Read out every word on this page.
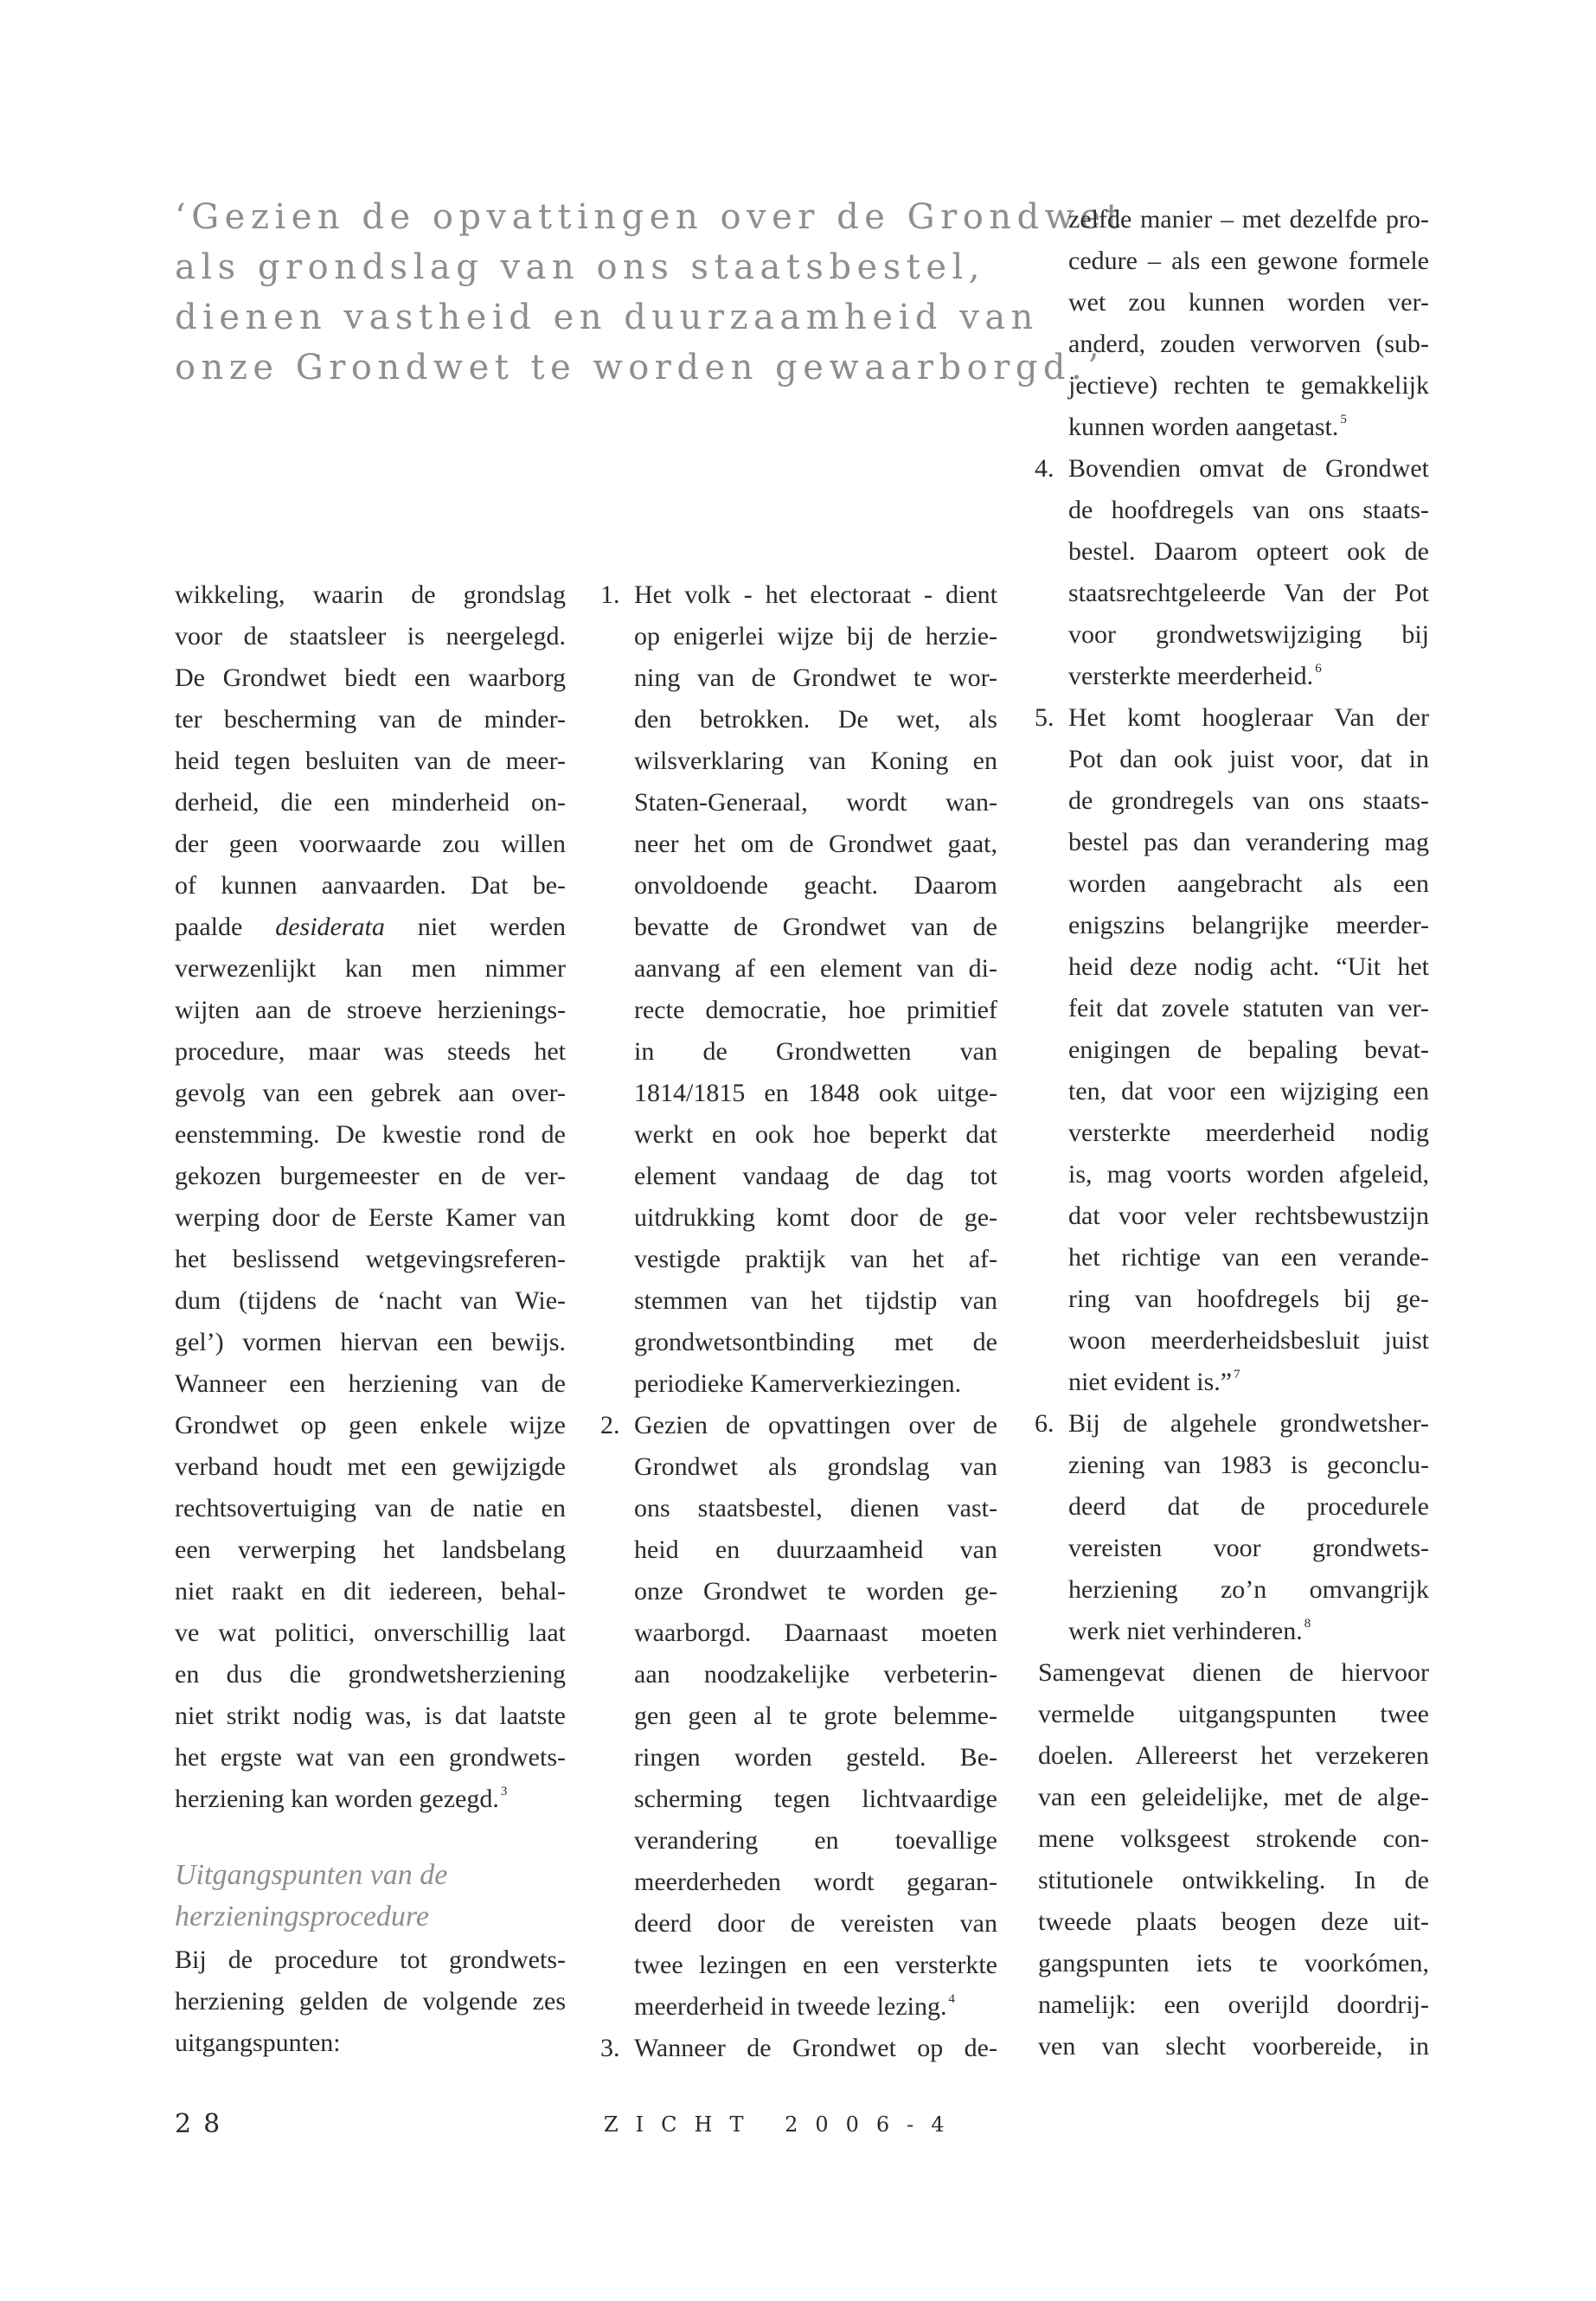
‘Gezien de opvattingen over de Grondwet
als grondslag van ons staatsbestel,
dienen vastheid en duurzaamheid van
onze Grondwet te worden gewaarborgd.’
wikkeling, waarin de grondslag
voor de staatsleer is neergelegd.
De Grondwet biedt een waarborg
ter bescherming van de minder-
heid tegen besluiten van de meer-
derheid, die een minderheid on-
der geen voorwaarde zou willen
of kunnen aanvaarden. Dat be-
paalde desiderata niet werden
verwezenlijkt kan men nimmer
wijten aan de stroeve herzienings-
procedure, maar was steeds het
gevolg van een gebrek aan over-
eenstemming. De kwestie rond de
gekozen burgemeester en de ver-
werping door de Eerste Kamer van
het beslissend wetgevingsreferen-
dum (tijdens de ‘nacht van Wie-
gel’) vormen hiervan een bewijs.
Wanneer een herziening van de
Grondwet op geen enkele wijze
verband houdt met een gewijzigde
rechtsovertuiging van de natie en
een verwerping het landsbelang
niet raakt en dit iedereen, behal-
ve wat politici, onverschillig laat
en dus die grondwetsherziening
niet strikt nodig was, is dat laatste
het ergste wat van een grondwets-
herziening kan worden gezegd. $^3$
Uitgangspunten van de
herzieningsprocedure
Bij de procedure tot grondwets-
herziening gelden de volgende zes
uitgangspunten:
1. Het volk - het electoraat - dient
op enigerlei wijze bij de herzie-
ning van de Grondwet te wor-
den betrokken. De wet, als
wilsverklaring van Koning en
Staten-Generaal, wordt wan-
neer het om de Grondwet gaat,
onvoldoende geacht. Daarom
bevatte de Grondwet van de
aanvang af een element van di-
recte democratie, hoe primitief
in de Grondwetten van
1814/1815 en 1848 ook uitge-
werkt en ook hoe beperkt dat
element vandaag de dag tot
uitdrukking komt door de ge-
vestigde praktijk van het af-
stemmen van het tijdstip van
grondwetsontbinding met de
periodieke Kamerverkiezingen.
2. Gezien de opvattingen over de
Grondwet als grondslag van
ons staatsbestel, dienen vast-
heid en duurzaamheid van
onze Grondwet te worden ge-
waarborgd. Daarnaast moeten
aan noodzakelijke verbeterin-
gen geen al te grote belemme-
ringen worden gesteld. Be-
scherming tegen lichtvaardige
verandering en toevallige
meerderheden wordt gegaran-
deerd door de vereisten van
twee lezingen en een versterkte
meerderheid in tweede lezing. $^4$
3. Wanneer de Grondwet op de-
zelfde manier – met dezelfde pro-
cedure – als een gewone formele
wet zou kunnen worden ver-
anderd, zouden verworven (sub-
jectieve) rechten te gemakkelijk
kunnen worden aangetast. $^5$
4. Bovendien omvat de Grondwet
de hoofdregels van ons staats-
bestel. Daarom opteert ook de
staatsrechtgeleerde Van der Pot
voor grondwetswijziging bij
versterkte meerderheid. $^6$
5. Het komt hoogleraar Van der
Pot dan ook juist voor, dat in
de grondregels van ons staats-
bestel pas dan verandering mag
worden aangebracht als een
enigszins belangrijke meerder-
heid deze nodig acht. “Uit het
feit dat zovele statuten van ver-
enigingen de bepaling bevat-
ten, dat voor een wijziging een
versterkte meerderheid nodig
is, mag voorts worden afgeleid,
dat voor veler rechtsbewustzijn
het richtige van een verande-
ring van hoofdregels bij ge-
woon meerderheidsbesluit juist
niet evident is.” $^7$
6. Bij de algehele grondwetsher-
ziening van 1983 is geconclu-
deerd dat de procedurele
vereisten voor grondwets-
herziening zo’n omvangrijk
werk niet verhinderen. $^8$
Samengevat dienen de hiervoor
vermelde uitgangspunten twee
doelen. Allereerst het verzekeren
van een geleidelijke, met de alge-
mene volksgeest strokende con-
stitutionele ontwikkeling. In de
tweede plaats beogen deze uit-
gangspunten iets te voorkómen,
namelijk: een overijld doordrij-
ven van slecht voorbereide, in
28	ZICHT 2006-4
